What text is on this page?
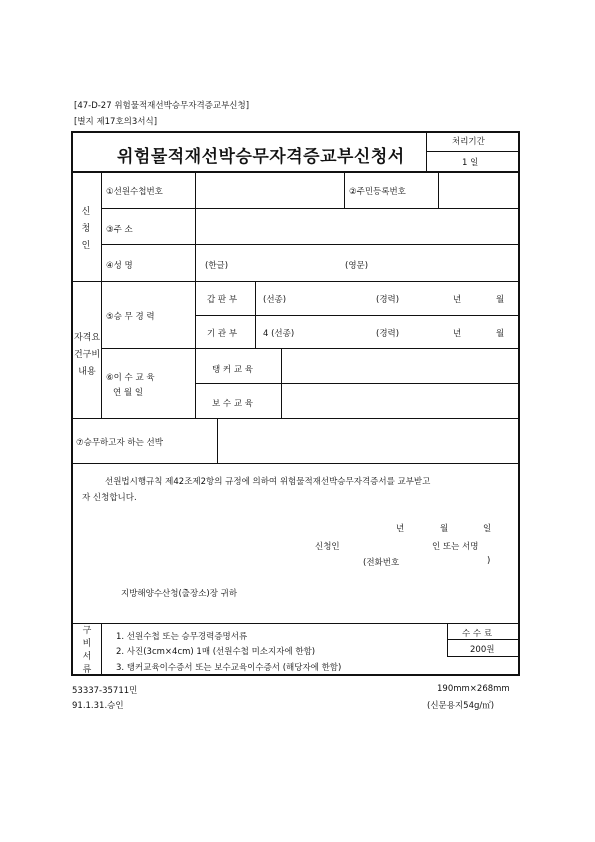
[47-D-27 위험물적재선박승무자격증교부신청]
[별지 제17호의3서식]
위험물적재선박승무자격증교부신청서
처리기간
1 일
신청인
①선원수첩번호	②주민등록번호
③주 소
④성 명	(한글)	(영문)
자격요건구비내용
⑤승 무 경 력
갑 판 부	(선종)	(경력)	년	월
기 관 부	4 (선종)	(경력)	년	월
⑥이 수 교 육
연 월 일
탱 커 교 육
보 수 교 육
⑦승무하고자 하는 선박
선원법시행규칙 제42조제2항의 규정에 의하여 위험물적재선박승무자격증서를 교부받고
자 신청합니다.
년	월	일
신청인	인 또는 서명
(전화번호	)
지방해양수산청(출장소)장 귀하
구비서류
1. 선원수첩 또는 승무경력증명서류
2. 사진(3cm×4cm) 1매 (선원수첩 미소지자에 한함)
3. 탱커교육이수증서 또는 보수교육이수증서 (해당자에 한함)
수 수 료
200원
53337-35711민
91.1.31.승인
190mm×268mm
(신문용지54g/㎡)
